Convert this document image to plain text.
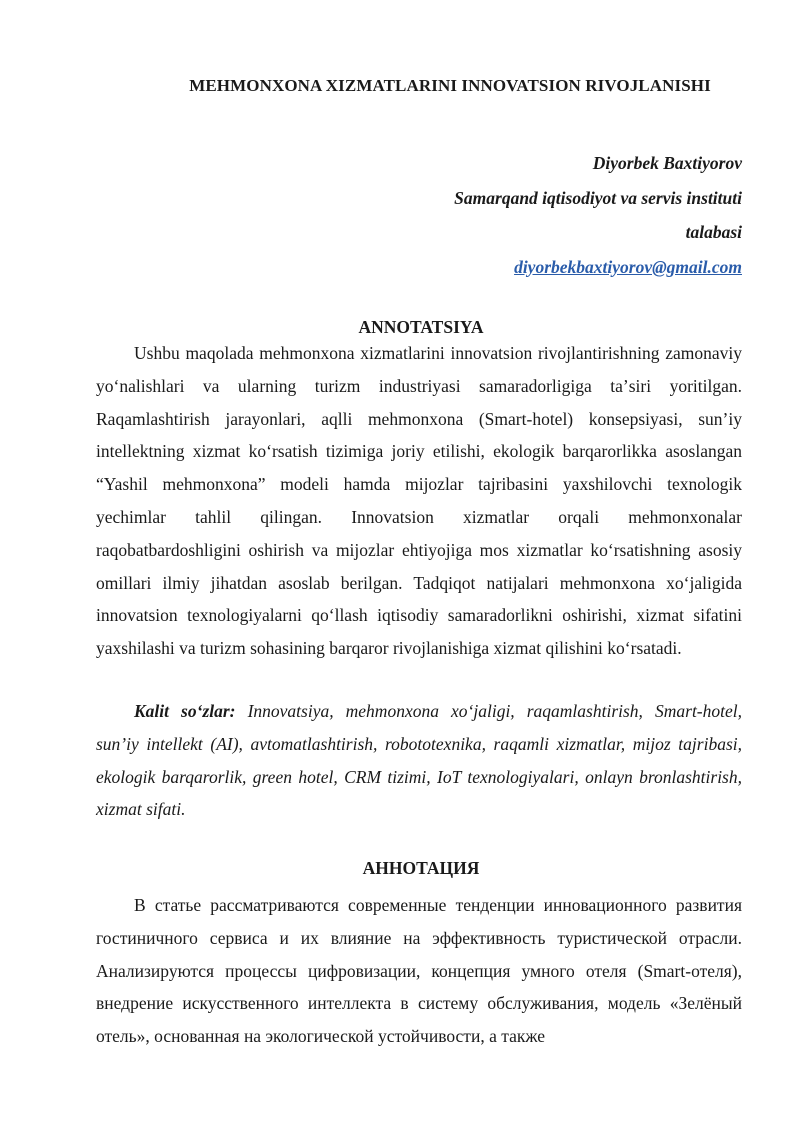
MEHMONXONA XIZMATLARINI INNOVATSION RIVOJLANISHI
Diyorbek Baxtiyorov
Samarqand iqtisodiyot va servis instituti
talabasi
diyorbekbaxtiyorov@gmail.com
ANNOTATSIYA

Ushbu maqolada mehmonxona xizmatlarini innovatsion rivojlantirishning zamonaviy yoʻnalishlari va ularning turizm industriyasi samaradorligiga taʼsiri yoritilgan. Raqamlashtirish jarayonlari, aqlli mehmonxona (Smart-hotel) konsepsiyasi, sunʼiy intellektning xizmat koʻrsatish tizimiga joriy etilishi, ekologik barqarorlikka asoslangan “Yashil mehmonxona” modeli hamda mijozlar tajribasini yaxshilovchi texnologik yechimlar tahlil qilingan. Innovatsion xizmatlar orqali mehmonxonalar raqobatbardoshligini oshirish va mijozlar ehtiyojiga mos xizmatlar koʻrsatishning asosiy omillari ilmiy jihatdan asoslab berilgan. Tadqiqot natijalari mehmonxona xoʻjaligida innovatsion texnologiyalarni qoʻllash iqtisodiy samaradorlikni oshirishi, xizmat sifatini yaxshilashi va turizm sohasining barqaror rivojlanishiga xizmat qilishini koʻrsatadi.

Kalit soʻzlar: Innovatsiya, mehmonxona xoʻjaligi, raqamlashtirish, Smart-hotel, sunʼiy intellekt (AI), avtomatlashtirish, robototexnika, raqamli xizmatlar, mijoz tajribasi, ekologik barqarorlik, green hotel, CRM tizimi, IoT texnologiyalari, onlayn bronlashtirish, xizmat sifati.

АННОТАЦИЯ

В статье рассматриваются современные тенденции инновационного развития гостиничного сервиса и их влияние на эффективность туристической отрасли. Анализируются процессы цифровизации, концепция умного отеля (Smart-отеля), внедрение искусственного интеллекта в систему обслуживания, модель «Зелёный отель», основанная на экологической устойчивости, а также
